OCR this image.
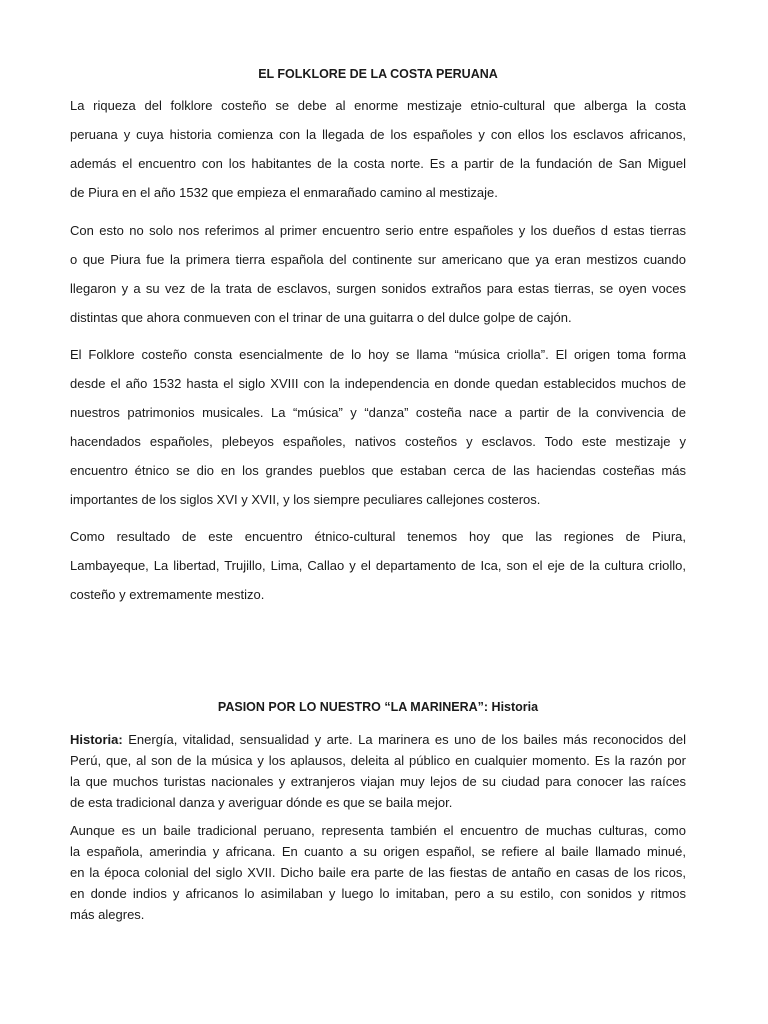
EL FOLKLORE DE LA COSTA PERUANA
La riqueza del folklore costeño se debe al enorme mestizaje etnio-cultural que alberga la costa
peruana y cuya historia comienza con la llegada de los españoles y con ellos los esclavos africanos,
además el encuentro con los habitantes de la costa norte. Es a partir de la fundación de San Miguel
de Piura en el año 1532 que empieza el enmarañado camino al mestizaje.
Con esto no solo nos referimos al primer encuentro serio entre españoles y los dueños d estas tierras
o que Piura fue la primera tierra española del continente sur americano que ya eran mestizos cuando
llegaron y a su vez de la trata de esclavos, surgen sonidos extraños para estas tierras, se oyen voces
distintas que ahora conmueven con el trinar de una guitarra o del dulce golpe de cajón.
El Folklore costeño consta esencialmente de lo hoy se llama “música criolla”. El origen toma forma
desde el año 1532 hasta el siglo XVIII con la independencia en donde quedan establecidos muchos de
nuestros patrimonios musicales. La “música” y “danza” costeña nace a partir de la convivencia de
hacendados españoles, plebeyos españoles, nativos costeños y esclavos. Todo este mestizaje y
encuentro étnico se dio en los grandes pueblos que estaban cerca de las haciendas costeñas más
importantes de los siglos XVI y XVII, y los siempre peculiares callejones costeros.
Como resultado de este encuentro étnico-cultural tenemos hoy que las regiones de Piura,
Lambayeque, La libertad, Trujillo, Lima, Callao y el departamento de Ica, son el eje de la cultura criollo,
costeño y extremamente mestizo.
PASION POR LO NUESTRO “LA MARINERA”: Historia
Historia: Energía, vitalidad, sensualidad y arte. La marinera es uno de los bailes más reconocidos del
Perú, que, al son de la música y los aplausos, deleita al público en cualquier momento. Es la razón por
la que muchos turistas nacionales y extranjeros viajan muy lejos de su ciudad para conocer las raíces
de esta tradicional danza y averiguar dónde es que se baila mejor.
Aunque es un baile tradicional peruano, representa también el encuentro de muchas culturas, como
la española, amerindia y africana. En cuanto a su origen español, se refiere al baile llamado minué,
en la época colonial del siglo XVII. Dicho baile era parte de las fiestas de antaño en casas de los ricos,
en donde indios y africanos lo asimilaban y luego lo imitaban, pero a su estilo, con sonidos y ritmos
más alegres.
